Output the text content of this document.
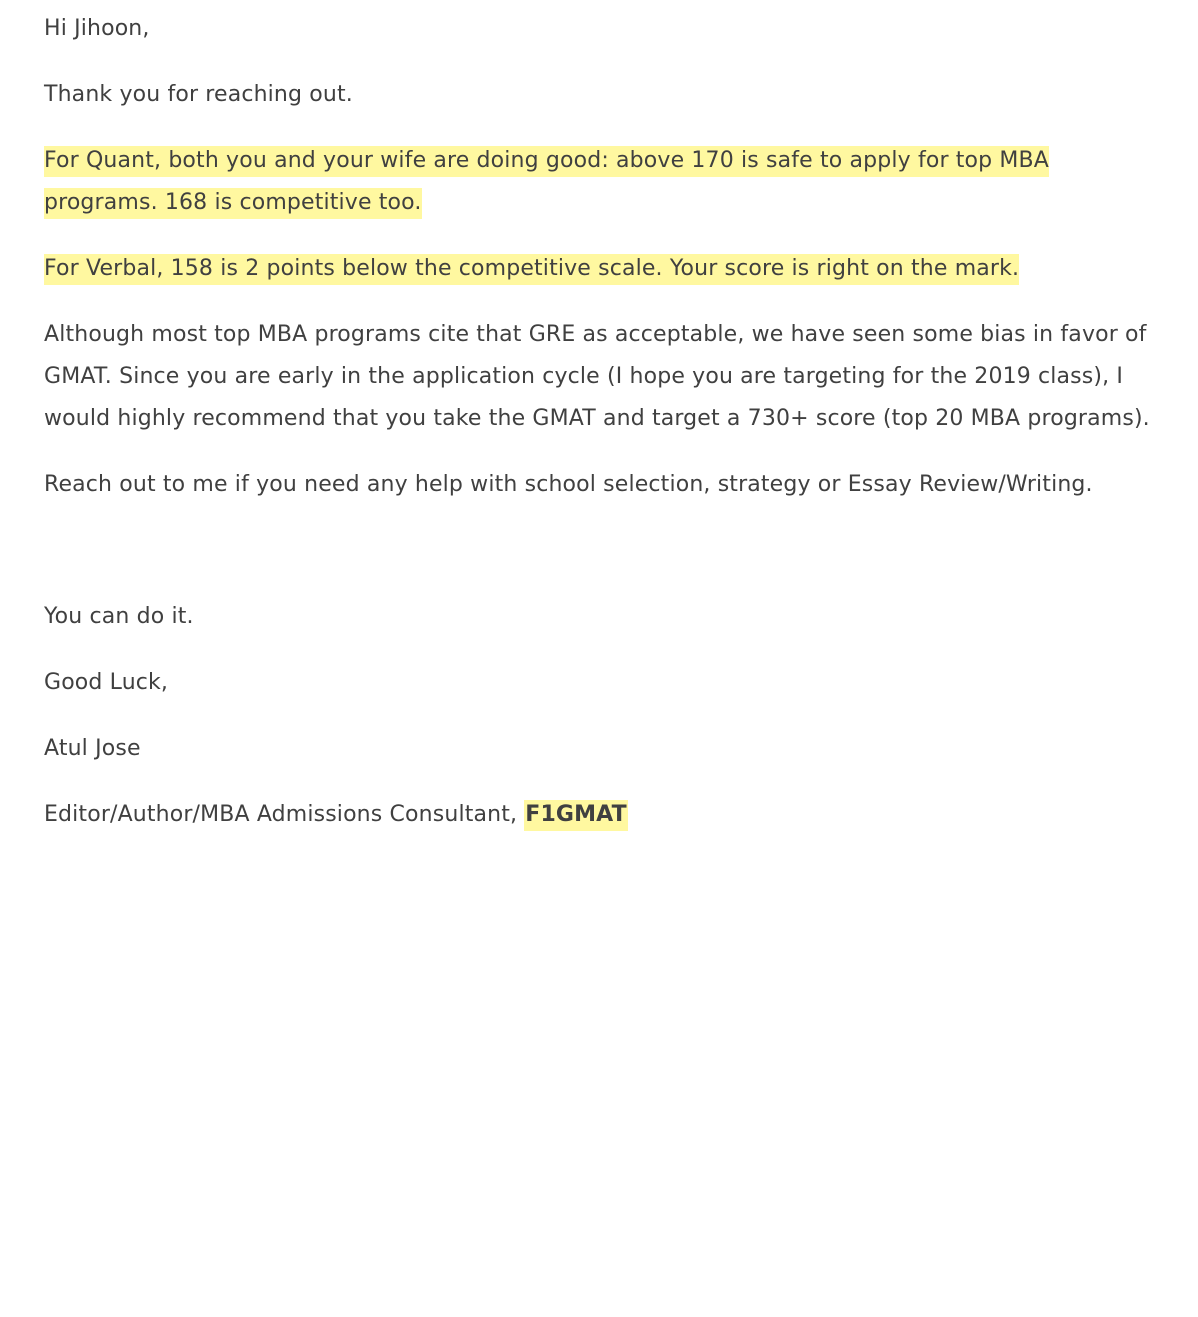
Hi Jihoon,
Thank you for reaching out.
For Quant, both you and your wife are doing good: above 170 is safe to apply for top MBA
programs. 168 is competitive too.
For Verbal, 158 is 2 points below the competitive scale. Your score is right on the mark.
Although most top MBA programs cite that GRE as acceptable, we have seen some bias in favor of
GMAT. Since you are early in the application cycle (I hope you are targeting for the 2019 class), I
would highly recommend that you take the GMAT and target a 730+ score (top 20 MBA programs).
Reach out to me if you need any help with school selection, strategy or Essay Review/Writing.
You can do it.
Good Luck,
Atul Jose
Editor/Author/MBA Admissions Consultant, F1GMAT
